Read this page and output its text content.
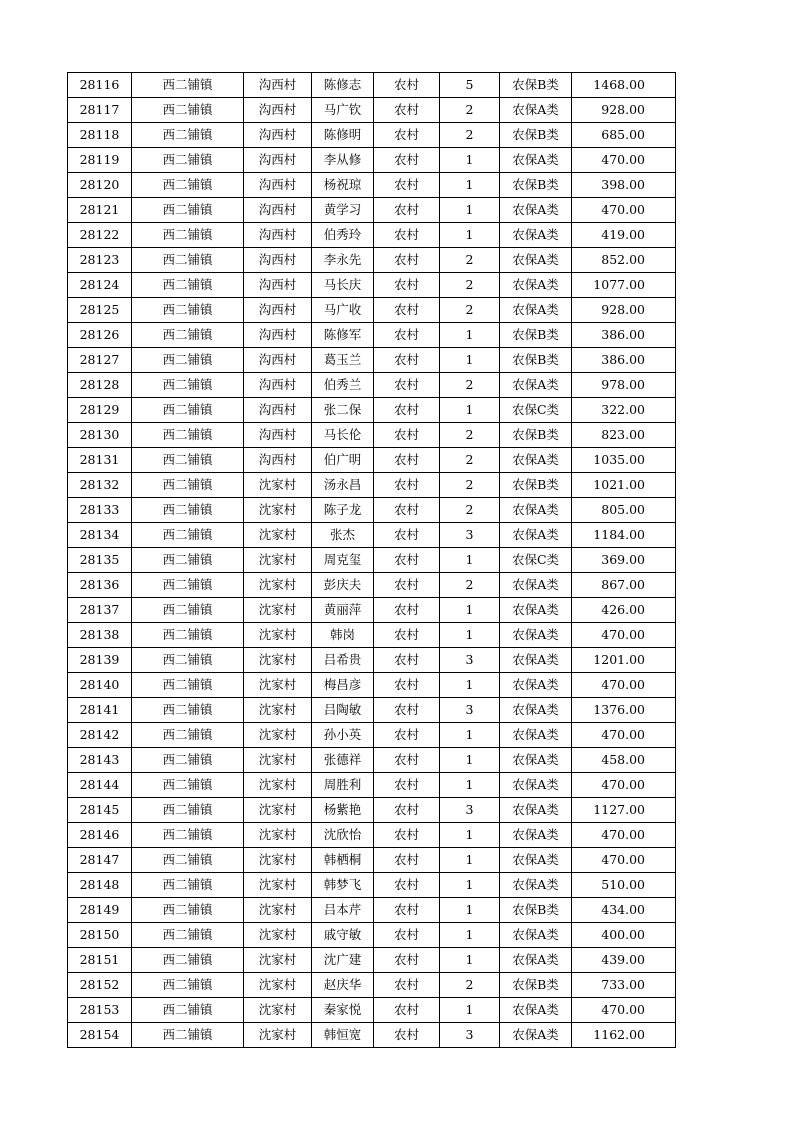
28116	西二铺镇	沟西村	陈修志	农村	5	农保B类	1468.00
28117	西二铺镇	沟西村	马广钦	农村	2	农保A类	928.00
28118	西二铺镇	沟西村	陈修明	农村	2	农保B类	685.00
28119	西二铺镇	沟西村	李从修	农村	1	农保A类	470.00
28120	西二铺镇	沟西村	杨祝琼	农村	1	农保B类	398.00
28121	西二铺镇	沟西村	黄学习	农村	1	农保A类	470.00
28122	西二铺镇	沟西村	伯秀玲	农村	1	农保A类	419.00
28123	西二铺镇	沟西村	李永先	农村	2	农保A类	852.00
28124	西二铺镇	沟西村	马长庆	农村	2	农保A类	1077.00
28125	西二铺镇	沟西村	马广收	农村	2	农保A类	928.00
28126	西二铺镇	沟西村	陈修军	农村	1	农保B类	386.00
28127	西二铺镇	沟西村	葛玉兰	农村	1	农保B类	386.00
28128	西二铺镇	沟西村	伯秀兰	农村	2	农保A类	978.00
28129	西二铺镇	沟西村	张二保	农村	1	农保C类	322.00
28130	西二铺镇	沟西村	马长伦	农村	2	农保B类	823.00
28131	西二铺镇	沟西村	伯广明	农村	2	农保A类	1035.00
28132	西二铺镇	沈家村	汤永昌	农村	2	农保B类	1021.00
28133	西二铺镇	沈家村	陈子龙	农村	2	农保A类	805.00
28134	西二铺镇	沈家村	张杰	农村	3	农保A类	1184.00
28135	西二铺镇	沈家村	周克玺	农村	1	农保C类	369.00
28136	西二铺镇	沈家村	彭庆夫	农村	2	农保A类	867.00
28137	西二铺镇	沈家村	黄丽萍	农村	1	农保A类	426.00
28138	西二铺镇	沈家村	韩岗	农村	1	农保A类	470.00
28139	西二铺镇	沈家村	吕希贵	农村	3	农保A类	1201.00
28140	西二铺镇	沈家村	梅昌彦	农村	1	农保A类	470.00
28141	西二铺镇	沈家村	吕陶敏	农村	3	农保A类	1376.00
28142	西二铺镇	沈家村	孙小英	农村	1	农保A类	470.00
28143	西二铺镇	沈家村	张德祥	农村	1	农保A类	458.00
28144	西二铺镇	沈家村	周胜利	农村	1	农保A类	470.00
28145	西二铺镇	沈家村	杨紫艳	农村	3	农保A类	1127.00
28146	西二铺镇	沈家村	沈欣怡	农村	1	农保A类	470.00
28147	西二铺镇	沈家村	韩栖桐	农村	1	农保A类	470.00
28148	西二铺镇	沈家村	韩梦飞	农村	1	农保A类	510.00
28149	西二铺镇	沈家村	吕本芹	农村	1	农保B类	434.00
28150	西二铺镇	沈家村	戚守敏	农村	1	农保A类	400.00
28151	西二铺镇	沈家村	沈广建	农村	1	农保A类	439.00
28152	西二铺镇	沈家村	赵庆华	农村	2	农保B类	733.00
28153	西二铺镇	沈家村	秦家悦	农村	1	农保A类	470.00
28154	西二铺镇	沈家村	韩恒宽	农村	3	农保A类	1162.00
